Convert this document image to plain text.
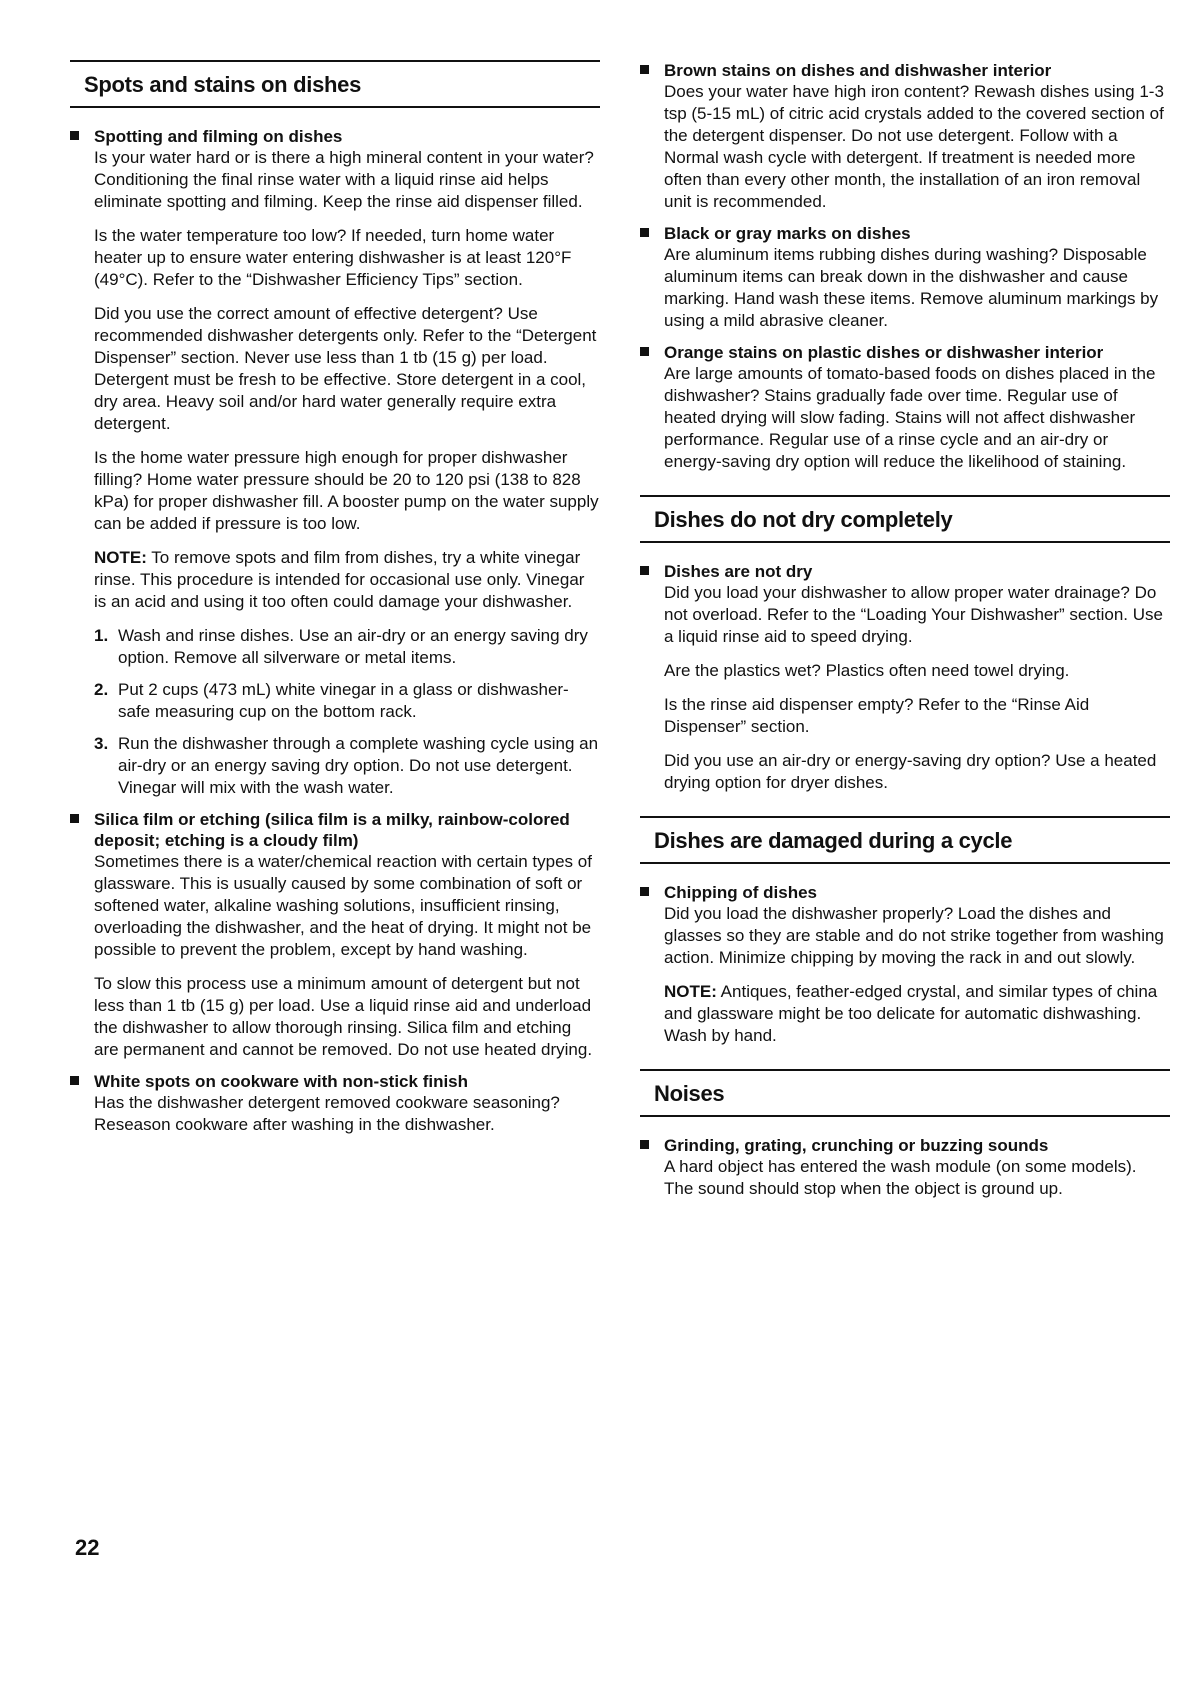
Spots and stains on dishes

Spotting and filming on dishes

Is your water hard or is there a high mineral content in your water? Conditioning the final rinse water with a liquid rinse aid helps eliminate spotting and filming. Keep the rinse aid dispenser filled.

Is the water temperature too low? If needed, turn home water heater up to ensure water entering dishwasher is at least 120°F (49°C). Refer to the “Dishwasher Efficiency Tips” section.

Did you use the correct amount of effective detergent? Use recommended dishwasher detergents only. Refer to the “Detergent Dispenser” section. Never use less than 1 tb (15 g) per load. Detergent must be fresh to be effective. Store detergent in a cool, dry area. Heavy soil and/or hard water generally require extra detergent.

Is the home water pressure high enough for proper dishwasher filling? Home water pressure should be 20 to 120 psi (138 to 828 kPa) for proper dishwasher fill. A booster pump on the water supply can be added if pressure is too low.

NOTE: To remove spots and film from dishes, try a white vinegar rinse. This procedure is intended for occasional use only. Vinegar is an acid and using it too often could damage your dishwasher.

1. Wash and rinse dishes. Use an air-dry or an energy saving dry option. Remove all silverware or metal items.
2. Put 2 cups (473 mL) white vinegar in a glass or dishwasher-safe measuring cup on the bottom rack.
3. Run the dishwasher through a complete washing cycle using an air-dry or an energy saving dry option. Do not use detergent. Vinegar will mix with the wash water.

Silica film or etching (silica film is a milky, rainbow-colored deposit; etching is a cloudy film)

Sometimes there is a water/chemical reaction with certain types of glassware. This is usually caused by some combination of soft or softened water, alkaline washing solutions, insufficient rinsing, overloading the dishwasher, and the heat of drying. It might not be possible to prevent the problem, except by hand washing.

To slow this process use a minimum amount of detergent but not less than 1 tb (15 g) per load. Use a liquid rinse aid and underload the dishwasher to allow thorough rinsing. Silica film and etching are permanent and cannot be removed. Do not use heated drying.

White spots on cookware with non-stick finish

Has the dishwasher detergent removed cookware seasoning? Reseason cookware after washing in the dishwasher.

Brown stains on dishes and dishwasher interior

Does your water have high iron content? Rewash dishes using 1-3 tsp (5-15 mL) of citric acid crystals added to the covered section of the detergent dispenser. Do not use detergent. Follow with a Normal wash cycle with detergent. If treatment is needed more often than every other month, the installation of an iron removal unit is recommended.

Black or gray marks on dishes

Are aluminum items rubbing dishes during washing? Disposable aluminum items can break down in the dishwasher and cause marking. Hand wash these items. Remove aluminum markings by using a mild abrasive cleaner.

Orange stains on plastic dishes or dishwasher interior

Are large amounts of tomato-based foods on dishes placed in the dishwasher? Stains gradually fade over time. Regular use of heated drying will slow fading. Stains will not affect dishwasher performance. Regular use of a rinse cycle and an air-dry or energy-saving dry option will reduce the likelihood of staining.

Dishes do not dry completely

Dishes are not dry

Did you load your dishwasher to allow proper water drainage? Do not overload. Refer to the “Loading Your Dishwasher” section. Use a liquid rinse aid to speed drying.

Are the plastics wet? Plastics often need towel drying.

Is the rinse aid dispenser empty? Refer to the “Rinse Aid Dispenser” section.

Did you use an air-dry or energy-saving dry option? Use a heated drying option for dryer dishes.

Dishes are damaged during a cycle

Chipping of dishes

Did you load the dishwasher properly? Load the dishes and glasses so they are stable and do not strike together from washing action. Minimize chipping by moving the rack in and out slowly.

NOTE: Antiques, feather-edged crystal, and similar types of china and glassware might be too delicate for automatic dishwashing. Wash by hand.

Noises

Grinding, grating, crunching or buzzing sounds

A hard object has entered the wash module (on some models). The sound should stop when the object is ground up.

22
